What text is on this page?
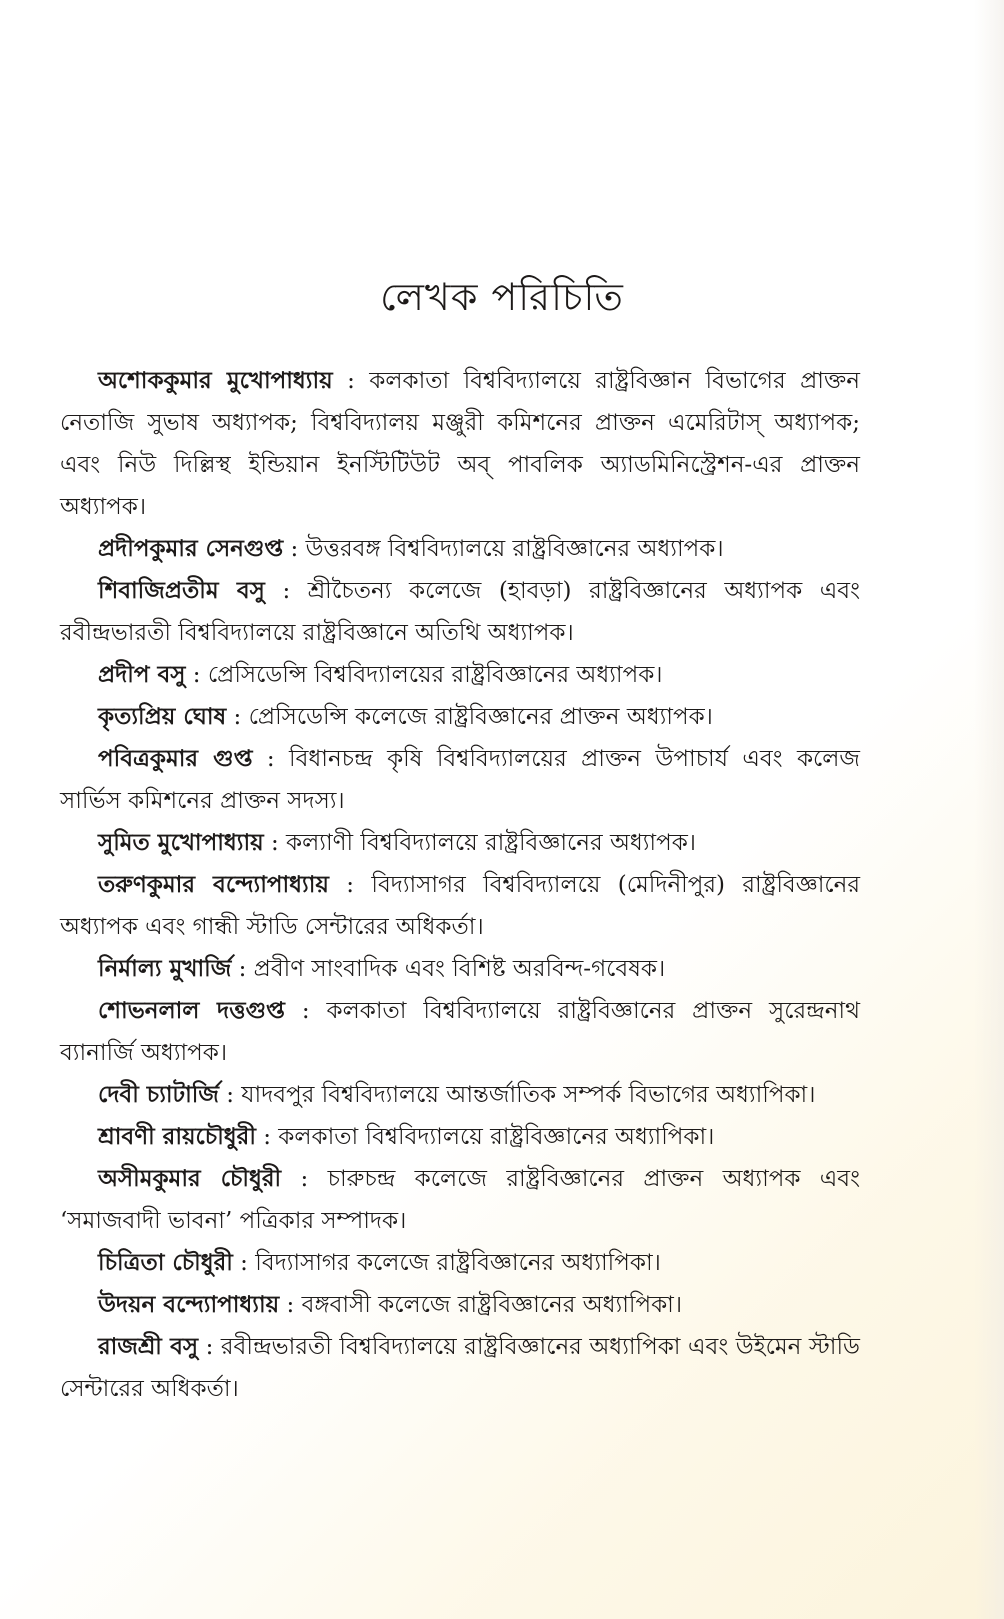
লেখক পরিচিতি

অশোককুমার মুখোপাধ্যায় : কলকাতা বিশ্ববিদ্যালয়ে রাষ্ট্রবিজ্ঞান বিভাগের প্রাক্তন নেতাজি সুভাষ অধ্যাপক; বিশ্ববিদ্যালয় মঞ্জুরী কমিশনের প্রাক্তন এমেরিটাস্ অধ্যাপক; এবং নিউ দিল্লিস্থ ইন্ডিয়ান ইনস্টিটিউট অব্ পাবলিক অ্যাডমিনিস্ট্রেশন-এর প্রাক্তন অধ্যাপক।

প্রদীপকুমার সেনগুপ্ত : উত্তরবঙ্গ বিশ্ববিদ্যালয়ে রাষ্ট্রবিজ্ঞানের অধ্যাপক।

শিবাজিপ্রতীম বসু : শ্রীচৈতন্য কলেজে (হাবড়া) রাষ্ট্রবিজ্ঞানের অধ্যাপক এবং রবীন্দ্রভারতী বিশ্ববিদ্যালয়ে রাষ্ট্রবিজ্ঞানে অতিথি অধ্যাপক।

প্রদীপ বসু : প্রেসিডেন্সি বিশ্ববিদ্যালয়ের রাষ্ট্রবিজ্ঞানের অধ্যাপক।

কৃত্যপ্রিয় ঘোষ : প্রেসিডেন্সি কলেজে রাষ্ট্রবিজ্ঞানের প্রাক্তন অধ্যাপক।

পবিত্রকুমার গুপ্ত : বিধানচন্দ্র কৃষি বিশ্ববিদ্যালয়ের প্রাক্তন উপাচার্য এবং কলেজ সার্ভিস কমিশনের প্রাক্তন সদস্য।

সুমিত মুখোপাধ্যায় : কল্যাণী বিশ্ববিদ্যালয়ে রাষ্ট্রবিজ্ঞানের অধ্যাপক।

তরুণকুমার বন্দ্যোপাধ্যায় : বিদ্যাসাগর বিশ্ববিদ্যালয়ে (মেদিনীপুর) রাষ্ট্রবিজ্ঞানের অধ্যাপক এবং গান্ধী স্টাডি সেন্টারের অধিকর্তা।

নির্মাল্য মুখার্জি : প্রবীণ সাংবাদিক এবং বিশিষ্ট অরবিন্দ-গবেষক।

শোভনলাল দত্তগুপ্ত : কলকাতা বিশ্ববিদ্যালয়ে রাষ্ট্রবিজ্ঞানের প্রাক্তন সুরেন্দ্রনাথ ব্যানার্জি অধ্যাপক।

দেবী চ্যাটার্জি : যাদবপুর বিশ্ববিদ্যালয়ে আন্তর্জাতিক সম্পর্ক বিভাগের অধ্যাপিকা।

শ্রাবণী রায়চৌধুরী : কলকাতা বিশ্ববিদ্যালয়ে রাষ্ট্রবিজ্ঞানের অধ্যাপিকা।

অসীমকুমার চৌধুরী : চারুচন্দ্র কলেজে রাষ্ট্রবিজ্ঞানের প্রাক্তন অধ্যাপক এবং ‘সমাজবাদী ভাবনা’ পত্রিকার সম্পাদক।

চিত্রিতা চৌধুরী : বিদ্যাসাগর কলেজে রাষ্ট্রবিজ্ঞানের অধ্যাপিকা।

উদয়ন বন্দ্যোপাধ্যায় : বঙ্গবাসী কলেজে রাষ্ট্রবিজ্ঞানের অধ্যাপিকা।

রাজশ্রী বসু : রবীন্দ্রভারতী বিশ্ববিদ্যালয়ে রাষ্ট্রবিজ্ঞানের অধ্যাপিকা এবং উইমেন স্টাডি সেন্টারের অধিকর্তা।
